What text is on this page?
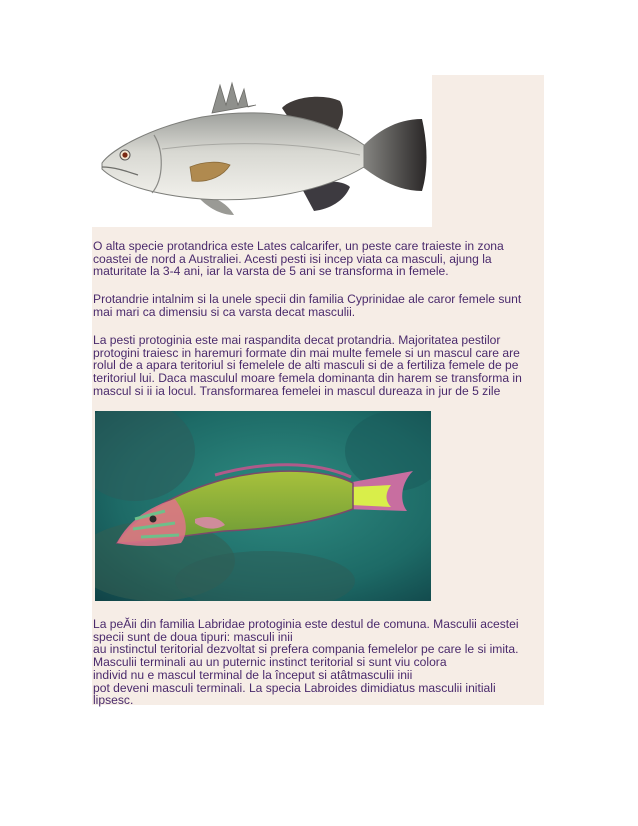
O alta specie protandrica este Lates calcarifer, un peste care traieste in zona
coastei de nord a Australiei. Acesti pesti isi incep viata ca masculi, ajung la
maturitate la 3-4 ani, iar la varsta de 5 ani se transforma in femele.

Protandrie intalnim si la unele specii din familia Cyprinidae ale caror femele sunt
mai mari ca dimensiu si ca varsta decat masculii.

La pesti protoginia este mai raspandita decat protandria. Majoritatea pestilor
protogini traiesc in haremuri formate din mai multe femele si un mascul care are
rolul de a apara teritoriul si femelele de alti masculi si de a fertiliza femele de pe
teritoriul lui. Daca masculul moare femela dominanta din harem se transforma in
mascul si ii ia locul. Transformarea femelei in mascul dureaza in jur de 5 zile

La peĂii din familia Labridae protoginia este destul de comuna. Masculii acestei
specii sunt de doua tipuri: masculi inii
au instinctul teritorial dezvoltat si prefera compania femelelor pe care le si imita.
Masculii terminali au un puternic instinct teritorial si sunt viu colora
individ nu e mascul terminal de la început si atâtmasculii inii
pot deveni masculi terminali. La specia Labroides dimidiatus masculii initiali
lipsesc.
